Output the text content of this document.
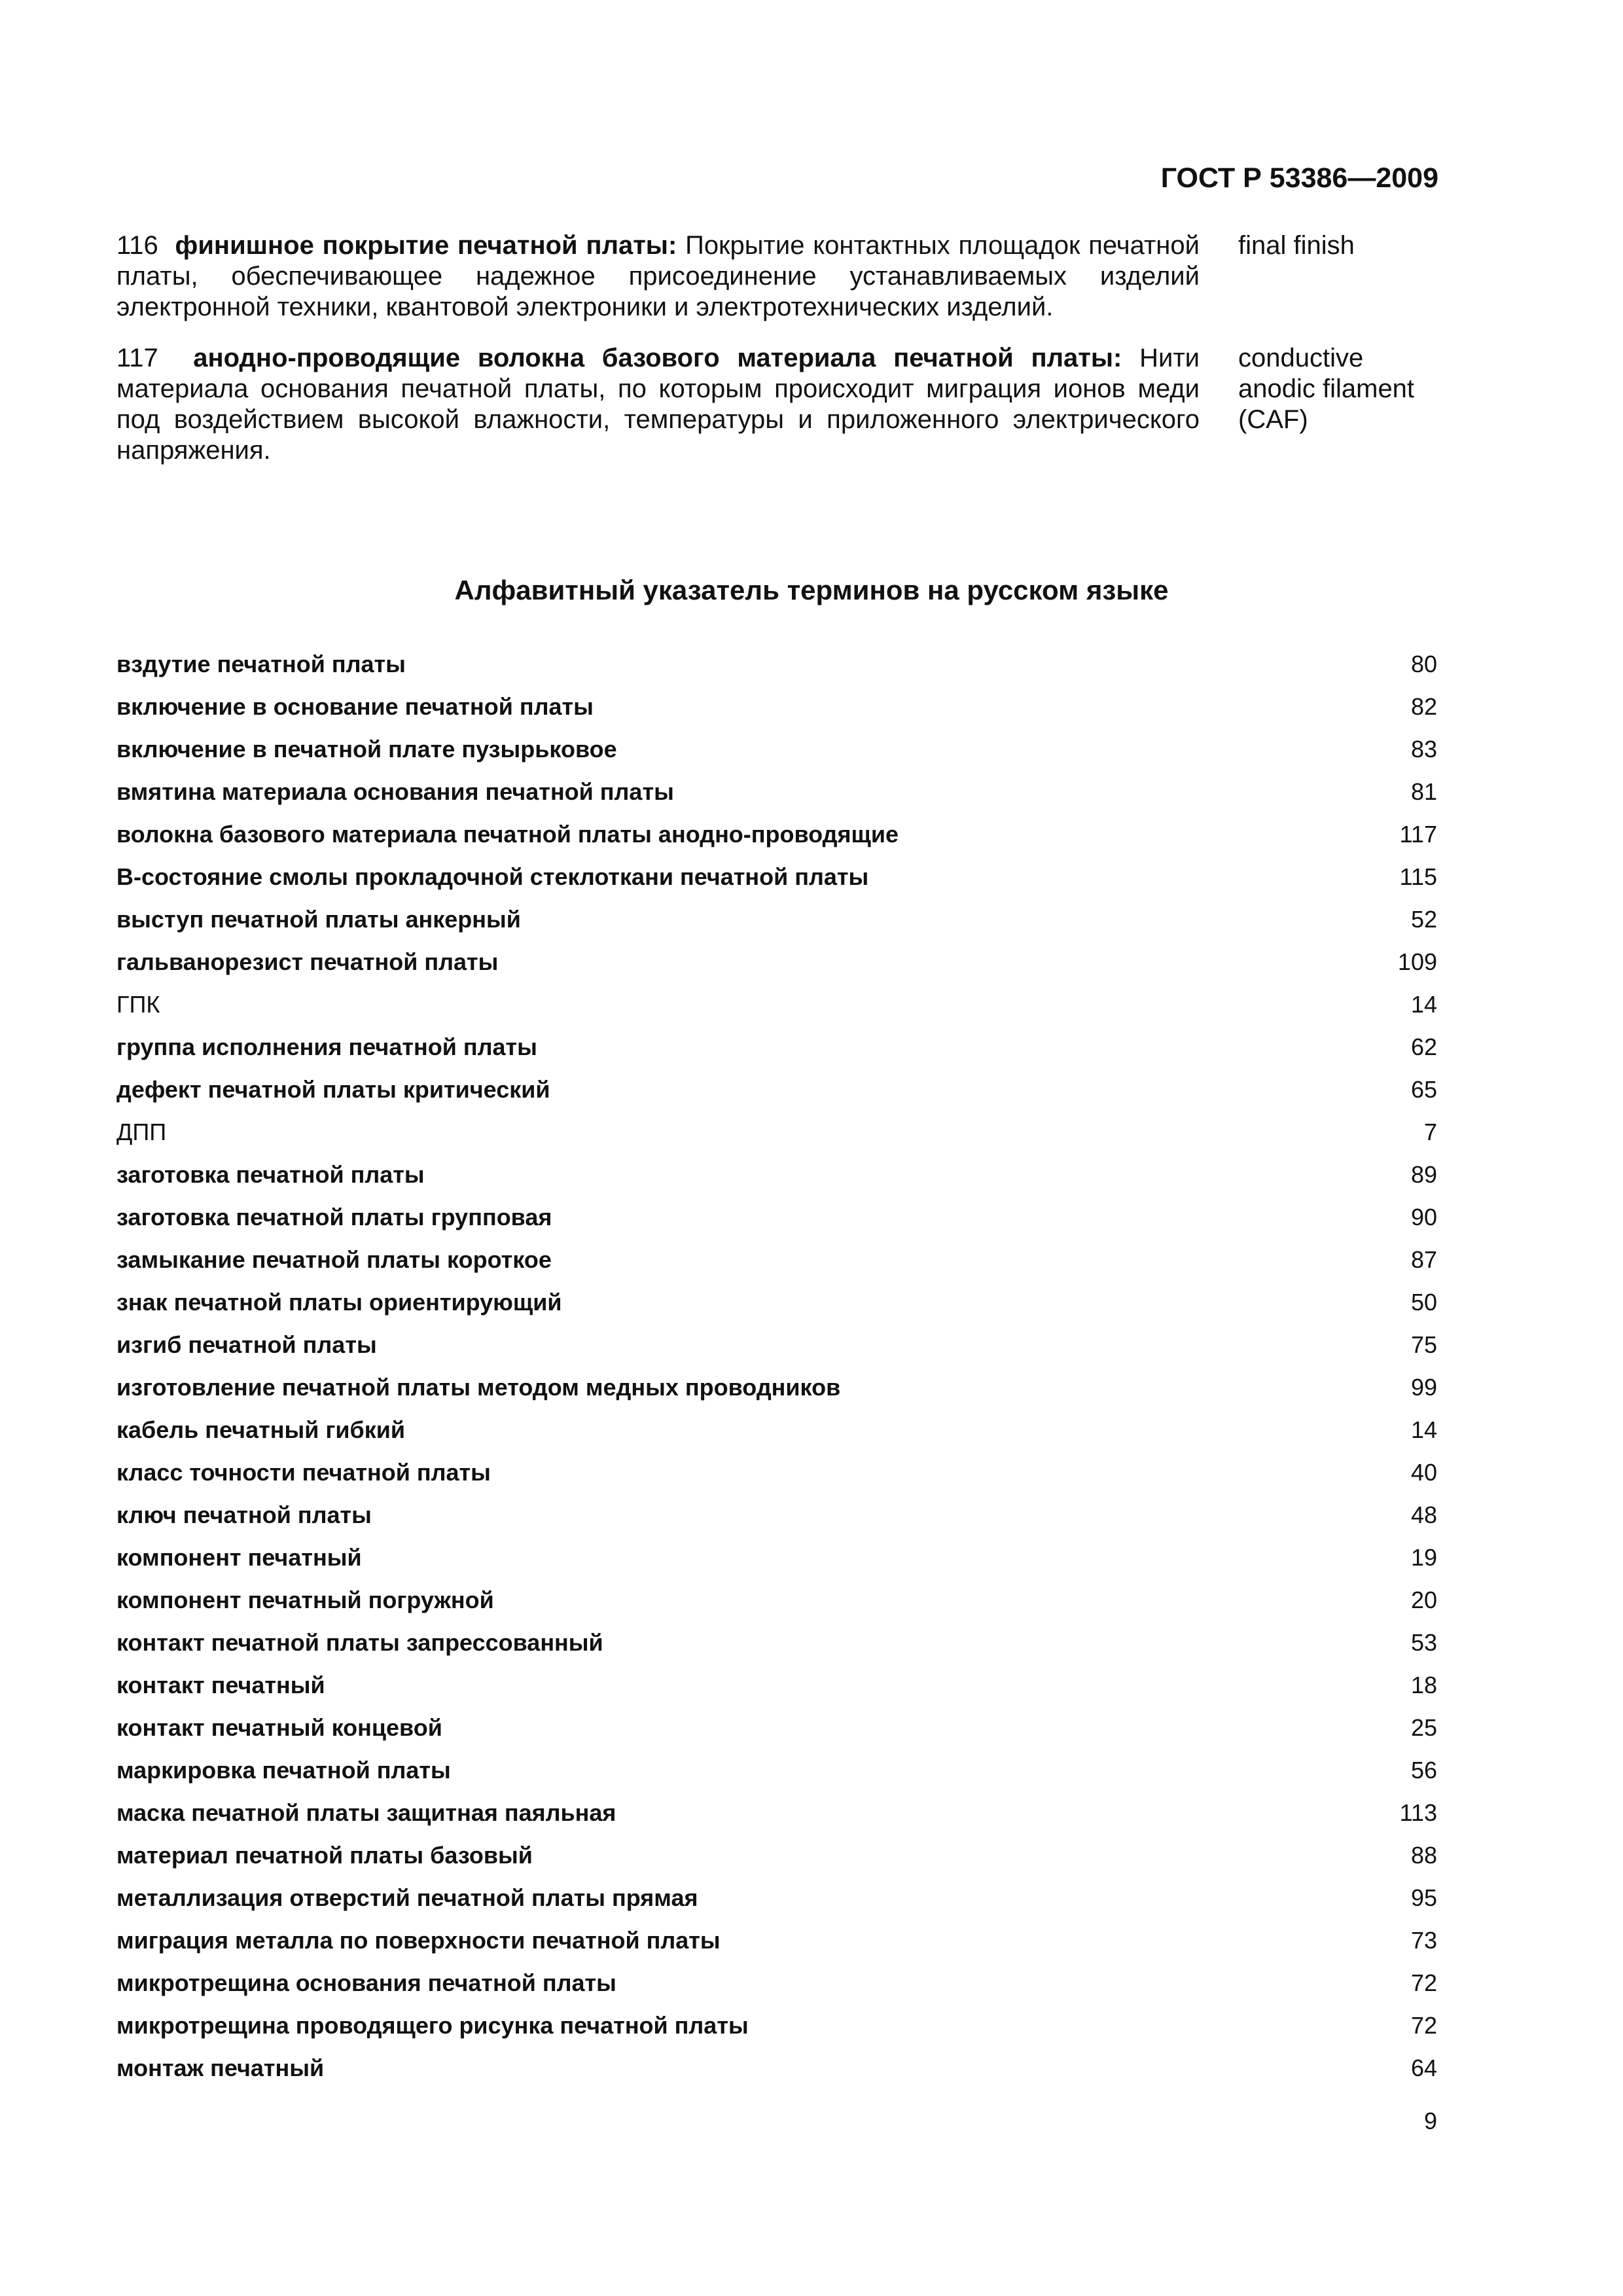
ГОСТ Р 53386—2009
116 финишное покрытие печатной платы: Покрытие контактных площадок печатной платы, обеспечивающее надежное присоединение устанавливаемых изделий электронной техники, квантовой электроники и электротехнических изделий.
final finish
117 анодно-проводящие волокна базового материала печатной платы: Нити материала основания печатной платы, по которым происходит миграция ионов меди под воздействием высокой влажности, температуры и приложенного электрического напряжения.
conductive anodic filament (CAF)
Алфавитный указатель терминов на русском языке
вздутие печатной платы	80
включение в основание печатной платы	82
включение в печатной плате пузырьковое	83
вмятина материала основания печатной платы	81
волокна базового материала печатной платы анодно-проводящие	117
В-состояние смолы прокладочной стеклоткани печатной платы	115
выступ печатной платы анкерный	52
гальванорезист печатной платы	109
ГПК	14
группа исполнения печатной платы	62
дефект печатной платы критический	65
ДПП	7
заготовка печатной платы	89
заготовка печатной платы групповая	90
замыкание печатной платы короткое	87
знак печатной платы ориентирующий	50
изгиб печатной платы	75
изготовление печатной платы методом медных проводников	99
кабель печатный гибкий	14
класс точности печатной платы	40
ключ печатной платы	48
компонент печатный	19
компонент печатный погружной	20
контакт печатной платы запрессованный	53
контакт печатный	18
контакт печатный концевой	25
маркировка печатной платы	56
маска печатной платы защитная паяльная	113
материал печатной платы базовый	88
металлизация отверстий печатной платы прямая	95
миграция металла по поверхности печатной платы	73
микротрещина основания печатной платы	72
микротрещина проводящего рисунка печатной платы	72
монтаж печатный	64
9
